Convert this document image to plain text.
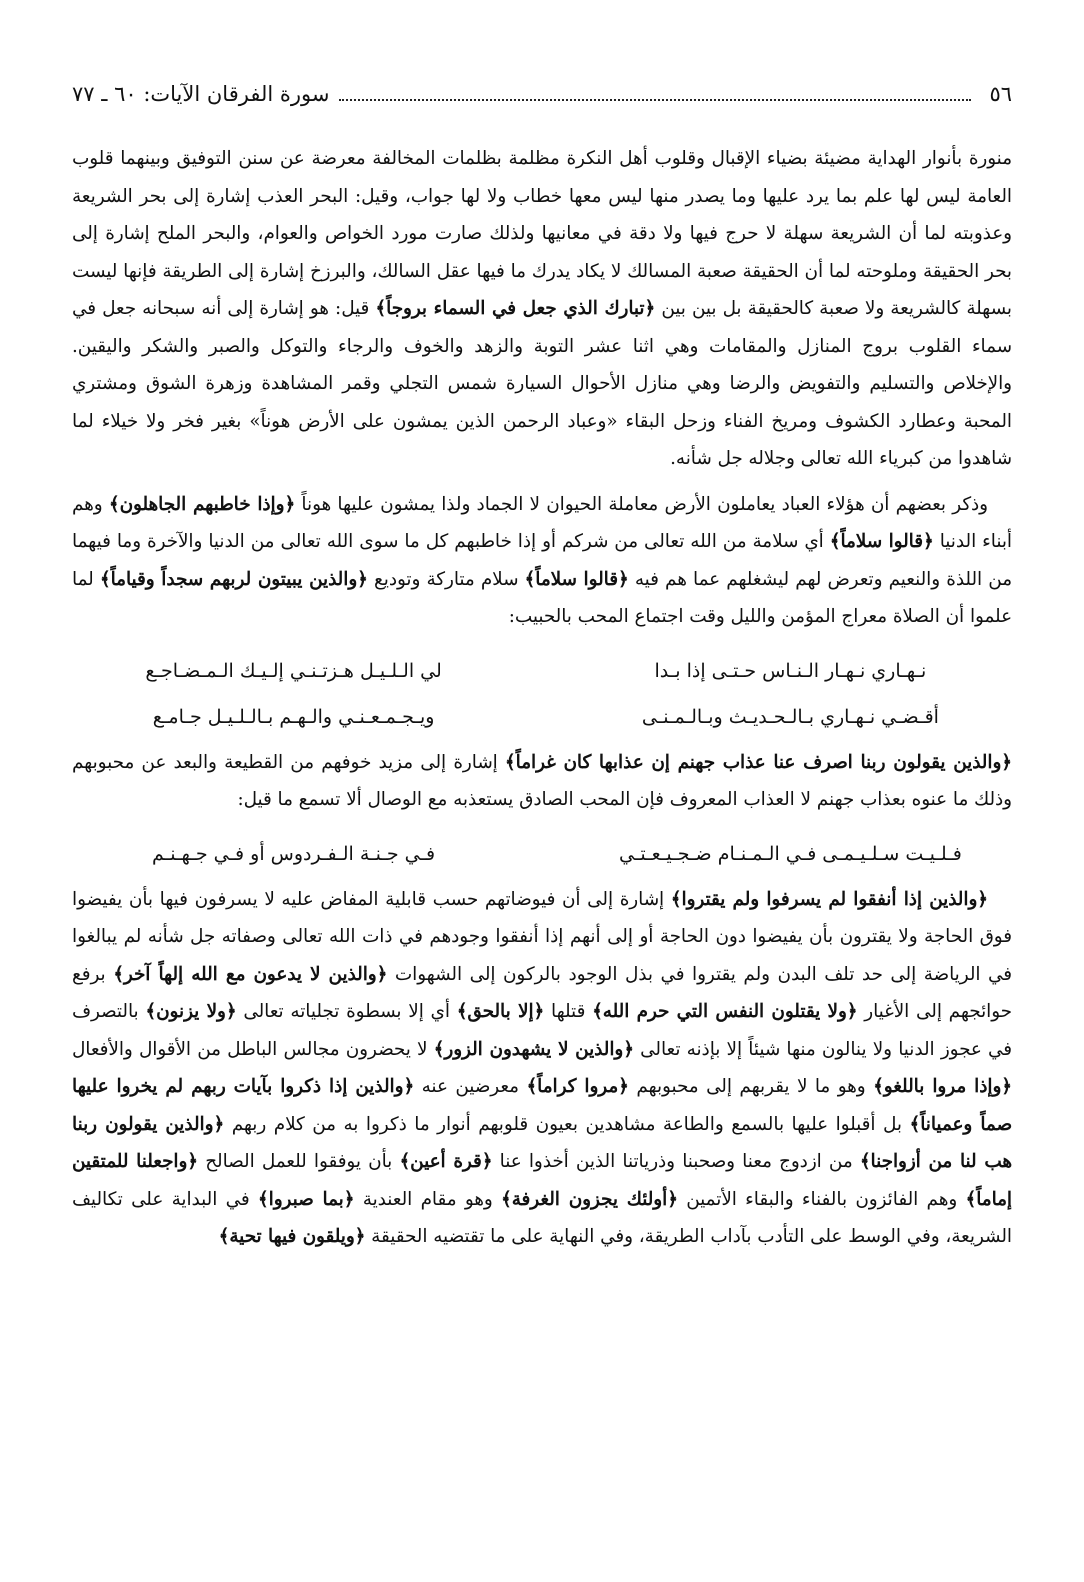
٥٦
سورة الفرقان الآيات: ٦٠ ـ ٧٧

منورة بأنوار الهداية مضيئة بضياء الإقبال وقلوب أهل النكرة مظلمة بظلمات المخالفة معرضة عن سنن التوفيق وبينهما قلوب العامة ليس لها علم بما يرد عليها وما يصدر منها ليس معها خطاب ولا لها جواب، وقيل: البحر العذب إشارة إلى بحر الشريعة وعذوبته لما أن الشريعة سهلة لا حرج فيها ولا دقة في معانيها ولذلك صارت مورد الخواص والعوام، والبحر الملح إشارة إلى بحر الحقيقة وملوحته لما أن الحقيقة صعبة المسالك لا يكاد يدرك ما فيها عقل السالك، والبرزخ إشارة إلى الطريقة فإنها ليست بسهلة كالشريعة ولا صعبة كالحقيقة بل بين بين ﴿تبارك الذي جعل في السماء بروجاً﴾ قيل: هو إشارة إلى أنه سبحانه جعل في سماء القلوب بروج المنازل والمقامات وهي اثنا عشر التوبة والزهد والخوف والرجاء والتوكل والصبر والشكر واليقين. والإخلاص والتسليم والتفويض والرضا وهي منازل الأحوال السيارة شمس التجلي وقمر المشاهدة وزهرة الشوق ومشتري المحبة وعطارد الكشوف ومريخ الفناء وزحل البقاء «وعباد الرحمن الذين يمشون على الأرض هوناً» بغير فخر ولا خيلاء لما شاهدوا من كبرياء الله تعالى وجلاله جل شأنه.

وذكر بعضهم أن هؤلاء العباد يعاملون الأرض معاملة الحيوان لا الجماد ولذا يمشون عليها هوناً ﴿وإذا خاطبهم الجاهلون﴾ وهم أبناء الدنيا ﴿قالوا سلاماً﴾ أي سلامة من الله تعالى من شركم أو إذا خاطبهم كل ما سوى الله تعالى من الدنيا والآخرة وما فيهما من اللذة والنعيم وتعرض لهم ليشغلهم عما هم فيه ﴿قالوا سلاماً﴾ سلام متاركة وتوديع ﴿والذين يبيتون لربهم سجداً وقياماً﴾ لما علموا أن الصلاة معراج المؤمن والليل وقت اجتماع المحب بالحبيب:

نـهـاري نـهـار الـنـاس حـتـى إذا بـدا
لي الـلـيـل هـزتـنـي إلـيـك الـمـضـاجـع
أقـضـي نـهـاري بـالـحـديـث وبـالـمـنـى
ويـجـمـعـنـي والـهـم بـالـلـيـل جـامـع

﴿والذين يقولون ربنا اصرف عنا عذاب جهنم إن عذابها كان غراماً﴾ إشارة إلى مزيد خوفهم من القطيعة والبعد عن محبوبهم وذلك ما عنوه بعذاب جهنم لا العذاب المعروف فإن المحب الصادق يستعذبه مع الوصال ألا تسمع ما قيل:

فـلـيـت سـلـيـمـى فـي الـمـنـام ضـجـيـعـتـي
فـي جـنـة الـفـردوس أو فـي جـهـنـم

﴿والذين إذا أنفقوا لم يسرفوا ولم يقتروا﴾ إشارة إلى أن فيوضاتهم حسب قابلية المفاض عليه لا يسرفون فيها بأن يفيضوا فوق الحاجة ولا يقترون بأن يفيضوا دون الحاجة أو إلى أنهم إذا أنفقوا وجودهم في ذات الله تعالى وصفاته جل شأنه لم يبالغوا في الرياضة إلى حد تلف البدن ولم يقتروا في بذل الوجود بالركون إلى الشهوات ﴿والذين لا يدعون مع الله إلهاً آخر﴾ برفع حوائجهم إلى الأغيار ﴿ولا يقتلون النفس التي حرم الله﴾ قتلها ﴿إلا بالحق﴾ أي إلا بسطوة تجلياته تعالى ﴿ولا يزنون﴾ بالتصرف في عجوز الدنيا ولا ينالون منها شيئاً إلا بإذنه تعالى ﴿والذين لا يشهدون الزور﴾ لا يحضرون مجالس الباطل من الأقوال والأفعال ﴿وإذا مروا باللغو﴾ وهو ما لا يقربهم إلى محبوبهم ﴿مروا كراماً﴾ معرضين عنه ﴿والذين إذا ذكروا بآيات ربهم لم يخروا عليها صماً وعمياناً﴾ بل أقبلوا عليها بالسمع والطاعة مشاهدين بعيون قلوبهم أنوار ما ذكروا به من كلام ربهم ﴿والذين يقولون ربنا هب لنا من أزواجنا﴾ من ازدوج معنا وصحبنا وذرياتنا الذين أخذوا عنا ﴿قرة أعين﴾ بأن يوفقوا للعمل الصالح ﴿واجعلنا للمتقين إماماً﴾ وهم الفائزون بالفناء والبقاء الأتمين ﴿أولئك يجزون الغرفة﴾ وهو مقام العندية ﴿بما صبروا﴾ في البداية على تكاليف الشريعة، وفي الوسط على التأدب بآداب الطريقة، وفي النهاية على ما تقتضيه الحقيقة ﴿ويلقون فيها تحية﴾
